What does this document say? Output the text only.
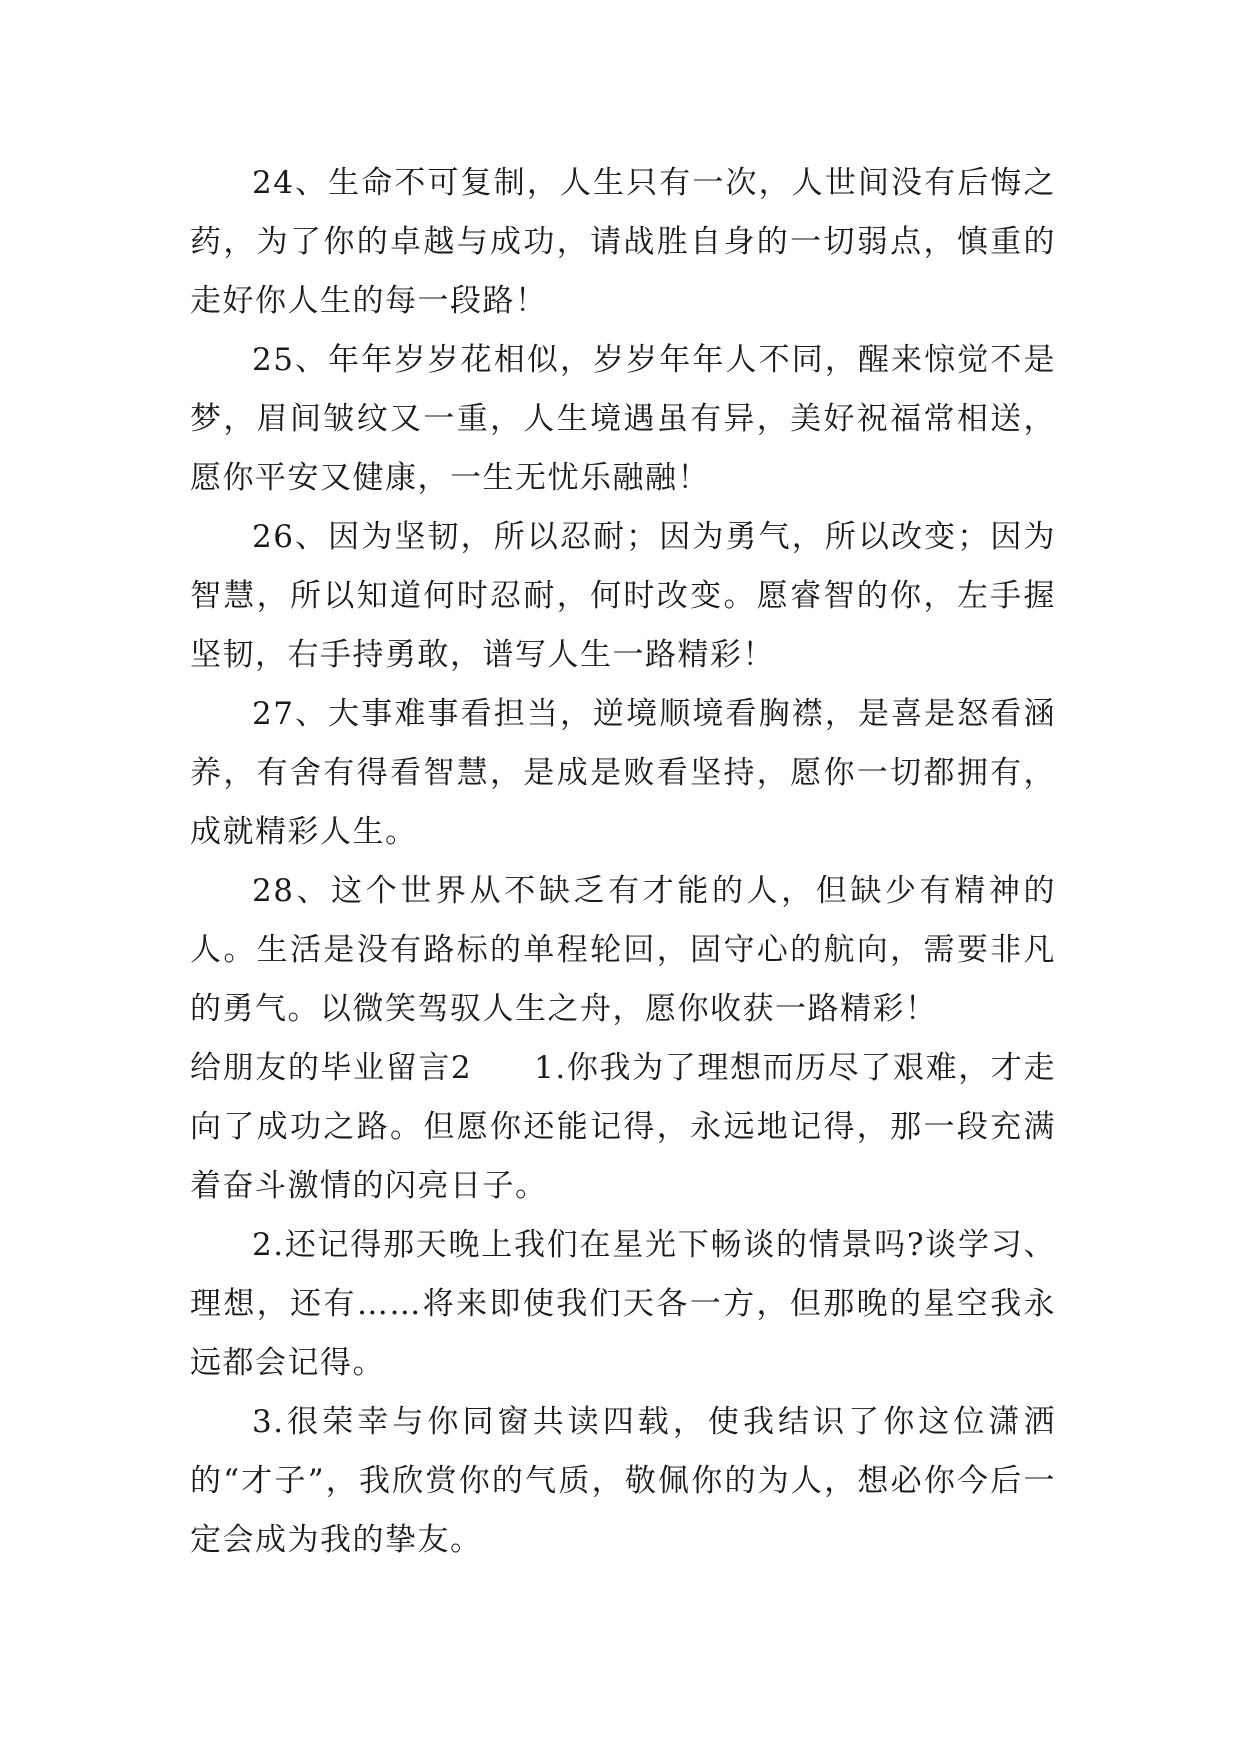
24、生命不可复制，人生只有一次，人世间没有后悔之药，为了你的卓越与成功，请战胜自身的一切弱点，慎重的走好你人生的每一段路！

25、年年岁岁花相似，岁岁年年人不同，醒来惊觉不是梦，眉间皱纹又一重，人生境遇虽有异，美好祝福常相送，愿你平安又健康，一生无忧乐融融！

26、因为坚韧，所以忍耐；因为勇气，所以改变；因为智慧，所以知道何时忍耐，何时改变。愿睿智的你，左手握坚韧，右手持勇敢，谱写人生一路精彩！

27、大事难事看担当，逆境顺境看胸襟，是喜是怒看涵养，有舍有得看智慧，是成是败看坚持，愿你一切都拥有，成就精彩人生。

28、这个世界从不缺乏有才能的人，但缺少有精神的人。生活是没有路标的单程轮回，固守心的航向，需要非凡的勇气。以微笑驾驭人生之舟，愿你收获一路精彩！

给朋友的毕业留言2 1.你我为了理想而历尽了艰难，才走向了成功之路。但愿你还能记得，永远地记得，那一段充满着奋斗激情的闪亮日子。

2.还记得那天晚上我们在星光下畅谈的情景吗?谈学习、理想，还有……将来即使我们天各一方，但那晚的星空我永远都会记得。

3.很荣幸与你同窗共读四载，使我结识了你这位潇洒的“才子”，我欣赏你的气质，敬佩你的为人，想必你今后一定会成为我的挚友。
